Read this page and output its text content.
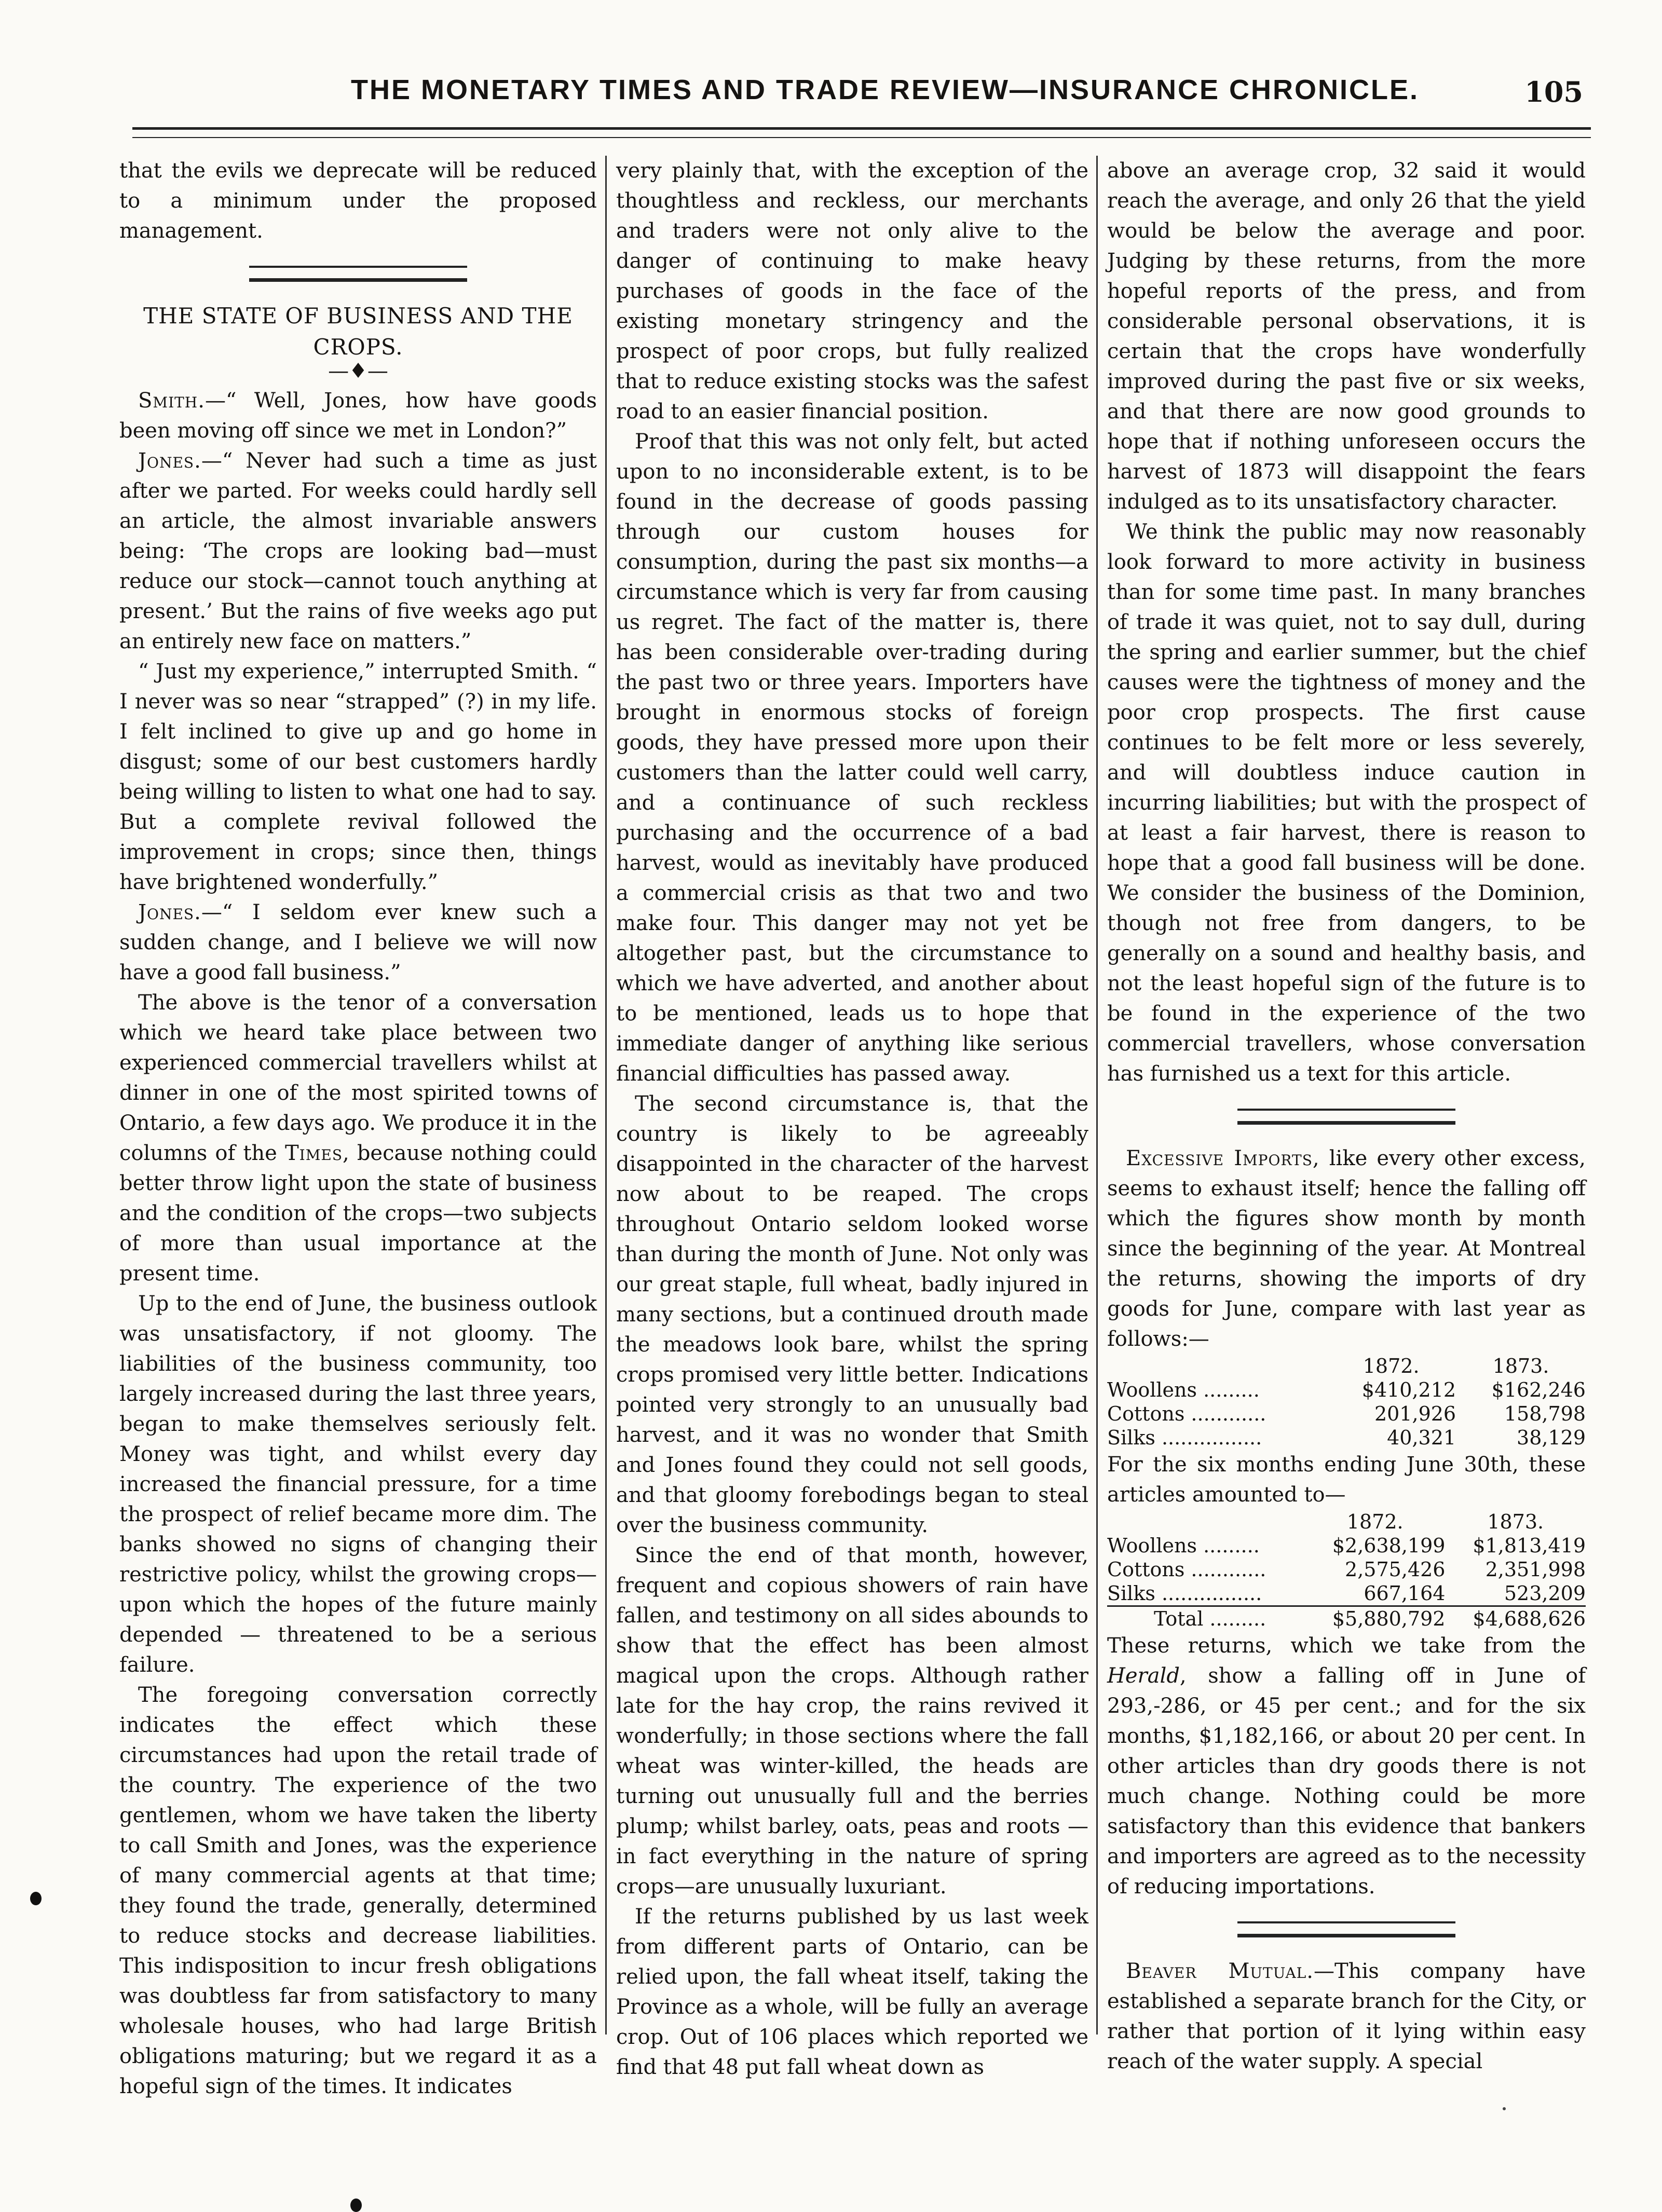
THE MONETARY TIMES AND TRADE REVIEW—INSURANCE CHRONICLE.	105

that the evils we deprecate will be reduced to a minimum under the proposed management.

THE STATE OF BUSINESS AND THE CROPS.
—♦—

Smith.—“ Well, Jones, how have goods been moving off since we met in London?”

Jones.—“ Never had such a time as just after we parted. For weeks could hardly sell an article, the almost invariable answers being: ‘The crops are looking bad—must reduce our stock—cannot touch anything at present.’ But the rains of five weeks ago put an entirely new face on matters.”

“ Just my experience,” interrupted Smith. “ I never was so near “strapped” (?) in my life. I felt inclined to give up and go home in disgust; some of our best customers hardly being willing to listen to what one had to say. But a complete revival followed the improvement in crops; since then, things have brightened wonderfully.”

Jones.—“ I seldom ever knew such a sudden change, and I believe we will now have a good fall business.”

The above is the tenor of a conversation which we heard take place between two experienced commercial travellers whilst at dinner in one of the most spirited towns of Ontario, a few days ago. We produce it in the columns of the Times, because nothing could better throw light upon the state of business and the condition of the crops—two subjects of more than usual importance at the present time.

Up to the end of June, the business outlook was unsatisfactory, if not gloomy. The liabilities of the business community, too largely increased during the last three years, began to make themselves seriously felt. Money was tight, and whilst every day increased the financial pressure, for a time the prospect of relief became more dim. The banks showed no signs of changing their restrictive policy, whilst the growing crops—upon which the hopes of the future mainly depended — threatened to be a serious failure.

The foregoing conversation correctly indicates the effect which these circumstances had upon the retail trade of the country. The experience of the two gentlemen, whom we have taken the liberty to call Smith and Jones, was the experience of many commercial agents at that time; they found the trade, generally, determined to reduce stocks and decrease liabilities. This indisposition to incur fresh obligations was doubtless far from satisfactory to many wholesale houses, who had large British obligations maturing; but we regard it as a hopeful sign of the times. It indicates

very plainly that, with the exception of the thoughtless and reckless, our merchants and traders were not only alive to the danger of continuing to make heavy purchases of goods in the face of the existing monetary stringency and the prospect of poor crops, but fully realized that to reduce existing stocks was the safest road to an easier financial position.

Proof that this was not only felt, but acted upon to no inconsiderable extent, is to be found in the decrease of goods passing through our custom houses for consumption, during the past six months—a circumstance which is very far from causing us regret. The fact of the matter is, there has been considerable over-trading during the past two or three years. Importers have brought in enormous stocks of foreign goods, they have pressed more upon their customers than the latter could well carry, and a continuance of such reckless purchasing and the occurrence of a bad harvest, would as inevitably have produced a commercial crisis as that two and two make four. This danger may not yet be altogether past, but the circumstance to which we have adverted, and another about to be mentioned, leads us to hope that immediate danger of anything like serious financial difficulties has passed away.

The second circumstance is, that the country is likely to be agreeably disappointed in the character of the harvest now about to be reaped. The crops throughout Ontario seldom looked worse than during the month of June. Not only was our great staple, full wheat, badly injured in many sections, but a continued drouth made the meadows look bare, whilst the spring crops promised very little better. Indications pointed very strongly to an unusually bad harvest, and it was no wonder that Smith and Jones found they could not sell goods, and that gloomy forebodings began to steal over the business community.

Since the end of that month, however, frequent and copious showers of rain have fallen, and testimony on all sides abounds to show that the effect has been almost magical upon the crops. Although rather late for the hay crop, the rains revived it wonderfully; in those sections where the fall wheat was winter-killed, the heads are turning out unusually full and the berries plump; whilst barley, oats, peas and roots —in fact everything in the nature of spring crops—are unusually luxuriant.

If the returns published by us last week from different parts of Ontario, can be relied upon, the fall wheat itself, taking the Province as a whole, will be fully an average crop. Out of 106 places which reported we find that 48 put fall wheat down as

above an average crop, 32 said it would reach the average, and only 26 that the yield would be below the average and poor. Judging by these returns, from the more hopeful reports of the press, and from considerable personal observations, it is certain that the crops have wonderfully improved during the past five or six weeks, and that there are now good grounds to hope that if nothing unforeseen occurs the harvest of 1873 will disappoint the fears indulged as to its unsatisfactory character.

We think the public may now reasonably look forward to more activity in business than for some time past. In many branches of trade it was quiet, not to say dull, during the spring and earlier summer, but the chief causes were the tightness of money and the poor crop prospects. The first cause continues to be felt more or less severely, and will doubtless induce caution in incurring liabilities; but with the prospect of at least a fair harvest, there is reason to hope that a good fall business will be done. We consider the business of the Dominion, though not free from dangers, to be generally on a sound and healthy basis, and not the least hopeful sign of the future is to be found in the experience of the two commercial travellers, whose conversation has furnished us a text for this article.

Excessive Imports, like every other excess, seems to exhaust itself; hence the falling off which the figures show month by month since the beginning of the year. At Montreal the returns, showing the imports of dry goods for June, compare with last year as follows:—

	1872.	1873.
Woollens .........	$410,212	$162,246
Cottons ............	201,926	158,798
Silks ................	40,321	38,129

For the six months ending June 30th, these articles amounted to—

	1872.	1873.
Woollens .........	$2,638,199	$1,813,419
Cottons ............	2,575,426	2,351,998
Silks ................	667,164	523,209
Total .........	$5,880,792	$4,688,626

These returns, which we take from the Herald, show a falling off in June of 293,-286, or 45 per cent.; and for the six months, $1,182,166, or about 20 per cent. In other articles than dry goods there is not much change. Nothing could be more satisfactory than this evidence that bankers and importers are agreed as to the necessity of reducing importations.

Beaver Mutual.—This company have established a separate branch for the City, or rather that portion of it lying within easy reach of the water supply. A special
